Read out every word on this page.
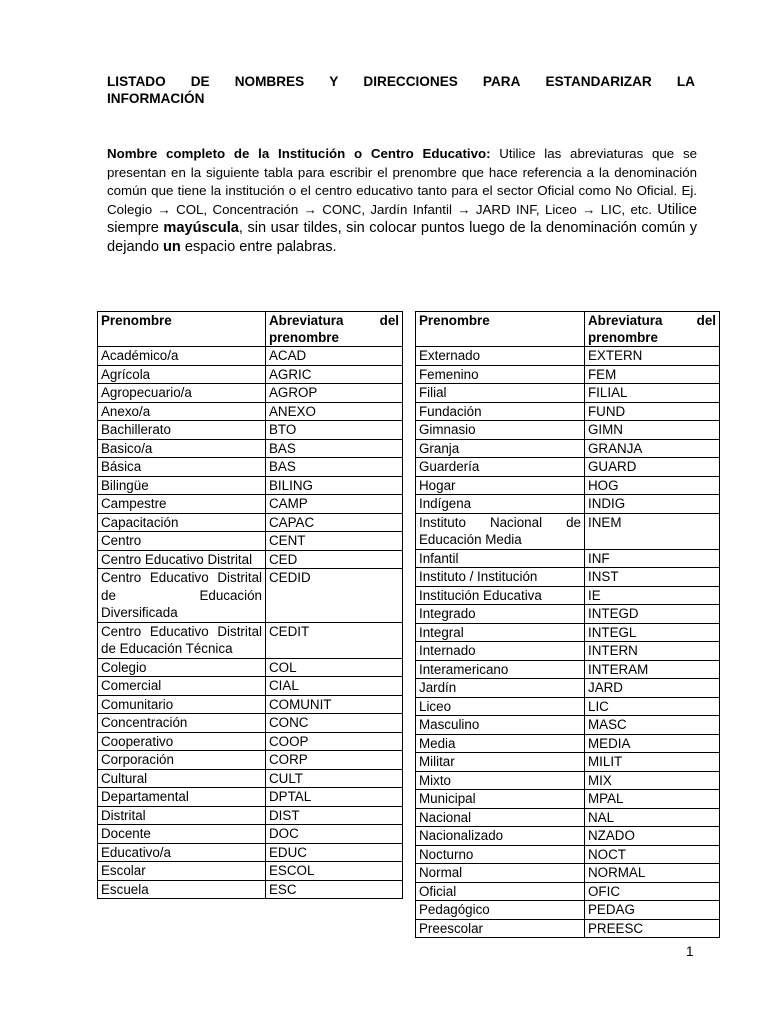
LISTADO DE NOMBRES Y DIRECCIONES PARA ESTANDARIZAR LA
INFORMACIÓN
Nombre completo de la Institución o Centro Educativo: Utilice las abreviaturas que se presentan en la siguiente tabla para escribir el prenombre que hace referencia a la denominación común que tiene la institución o el centro educativo tanto para el sector Oficial como No Oficial. Ej. Colegio → COL, Concentración → CONC, Jardín Infantil → JARD INF, Liceo → LIC, etc. Utilice siempre mayúscula, sin usar tildes, sin colocar puntos luego de la denominación común y dejando un espacio entre palabras.
Prenombre	Abreviatura del
prenombre
Académico/a	ACAD
Agrícola	AGRIC
Agropecuario/a	AGROP
Anexo/a	ANEXO
Bachillerato	BTO
Basico/a	BAS
Básica	BAS
Bilingüe	BILING
Campestre	CAMP
Capacitación	CAPAC
Centro	CENT
Centro Educativo Distrital	CED
Centro Educativo Distrital de Educación Diversificada	CEDID
Centro Educativo Distrital de Educación Técnica	CEDIT
Colegio	COL
Comercial	CIAL
Comunitario	COMUNIT
Concentración	CONC
Cooperativo	COOP
Corporación	CORP
Cultural	CULT
Departamental	DPTAL
Distrital	DIST
Docente	DOC
Educativo/a	EDUC
Escolar	ESCOL
Escuela	ESC
Prenombre	Abreviatura del
prenombre
Externado	EXTERN
Femenino	FEM
Filial	FILIAL
Fundación	FUND
Gimnasio	GIMN
Granja	GRANJA
Guardería	GUARD
Hogar	HOG
Indígena	INDIG
Instituto Nacional de Educación Media	INEM
Infantil	INF
Instituto / Institución	INST
Institución Educativa	IE
Integrado	INTEGD
Integral	INTEGL
Internado	INTERN
Interamericano	INTERAM
Jardín	JARD
Liceo	LIC
Masculino	MASC
Media	MEDIA
Militar	MILIT
Mixto	MIX
Municipal	MPAL
Nacional	NAL
Nacionalizado	NZADO
Nocturno	NOCT
Normal	NORMAL
Oficial	OFIC
Pedagógico	PEDAG
Preescolar	PREESC
1
